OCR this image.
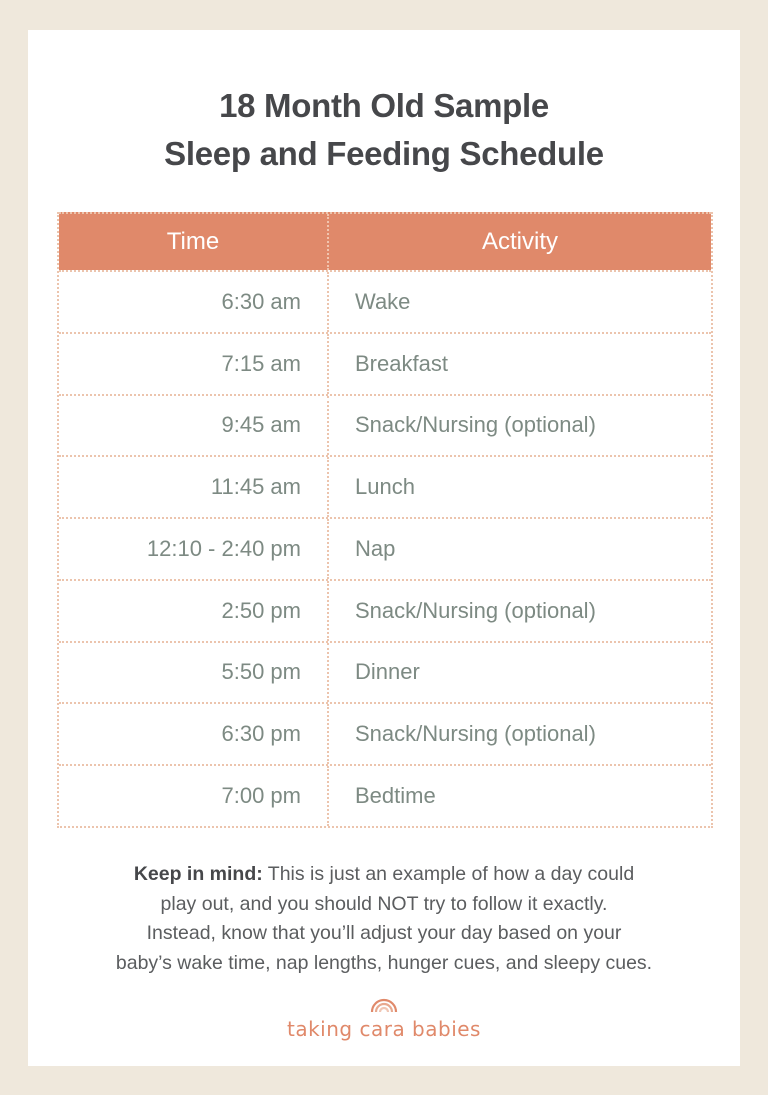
18 Month Old Sample
Sleep and Feeding Schedule
Time	Activity
6:30 am	Wake
7:15 am	Breakfast
9:45 am	Snack/Nursing (optional)
11:45 am	Lunch
12:10 - 2:40 pm	Nap
2:50 pm	Snack/Nursing (optional)
5:50 pm	Dinner
6:30 pm	Snack/Nursing (optional)
7:00 pm	Bedtime
Keep in mind: This is just an example of how a day could
play out, and you should NOT try to follow it exactly.
Instead, know that you’ll adjust your day based on your
baby’s wake time, nap lengths, hunger cues, and sleepy cues.
taking cara babies
